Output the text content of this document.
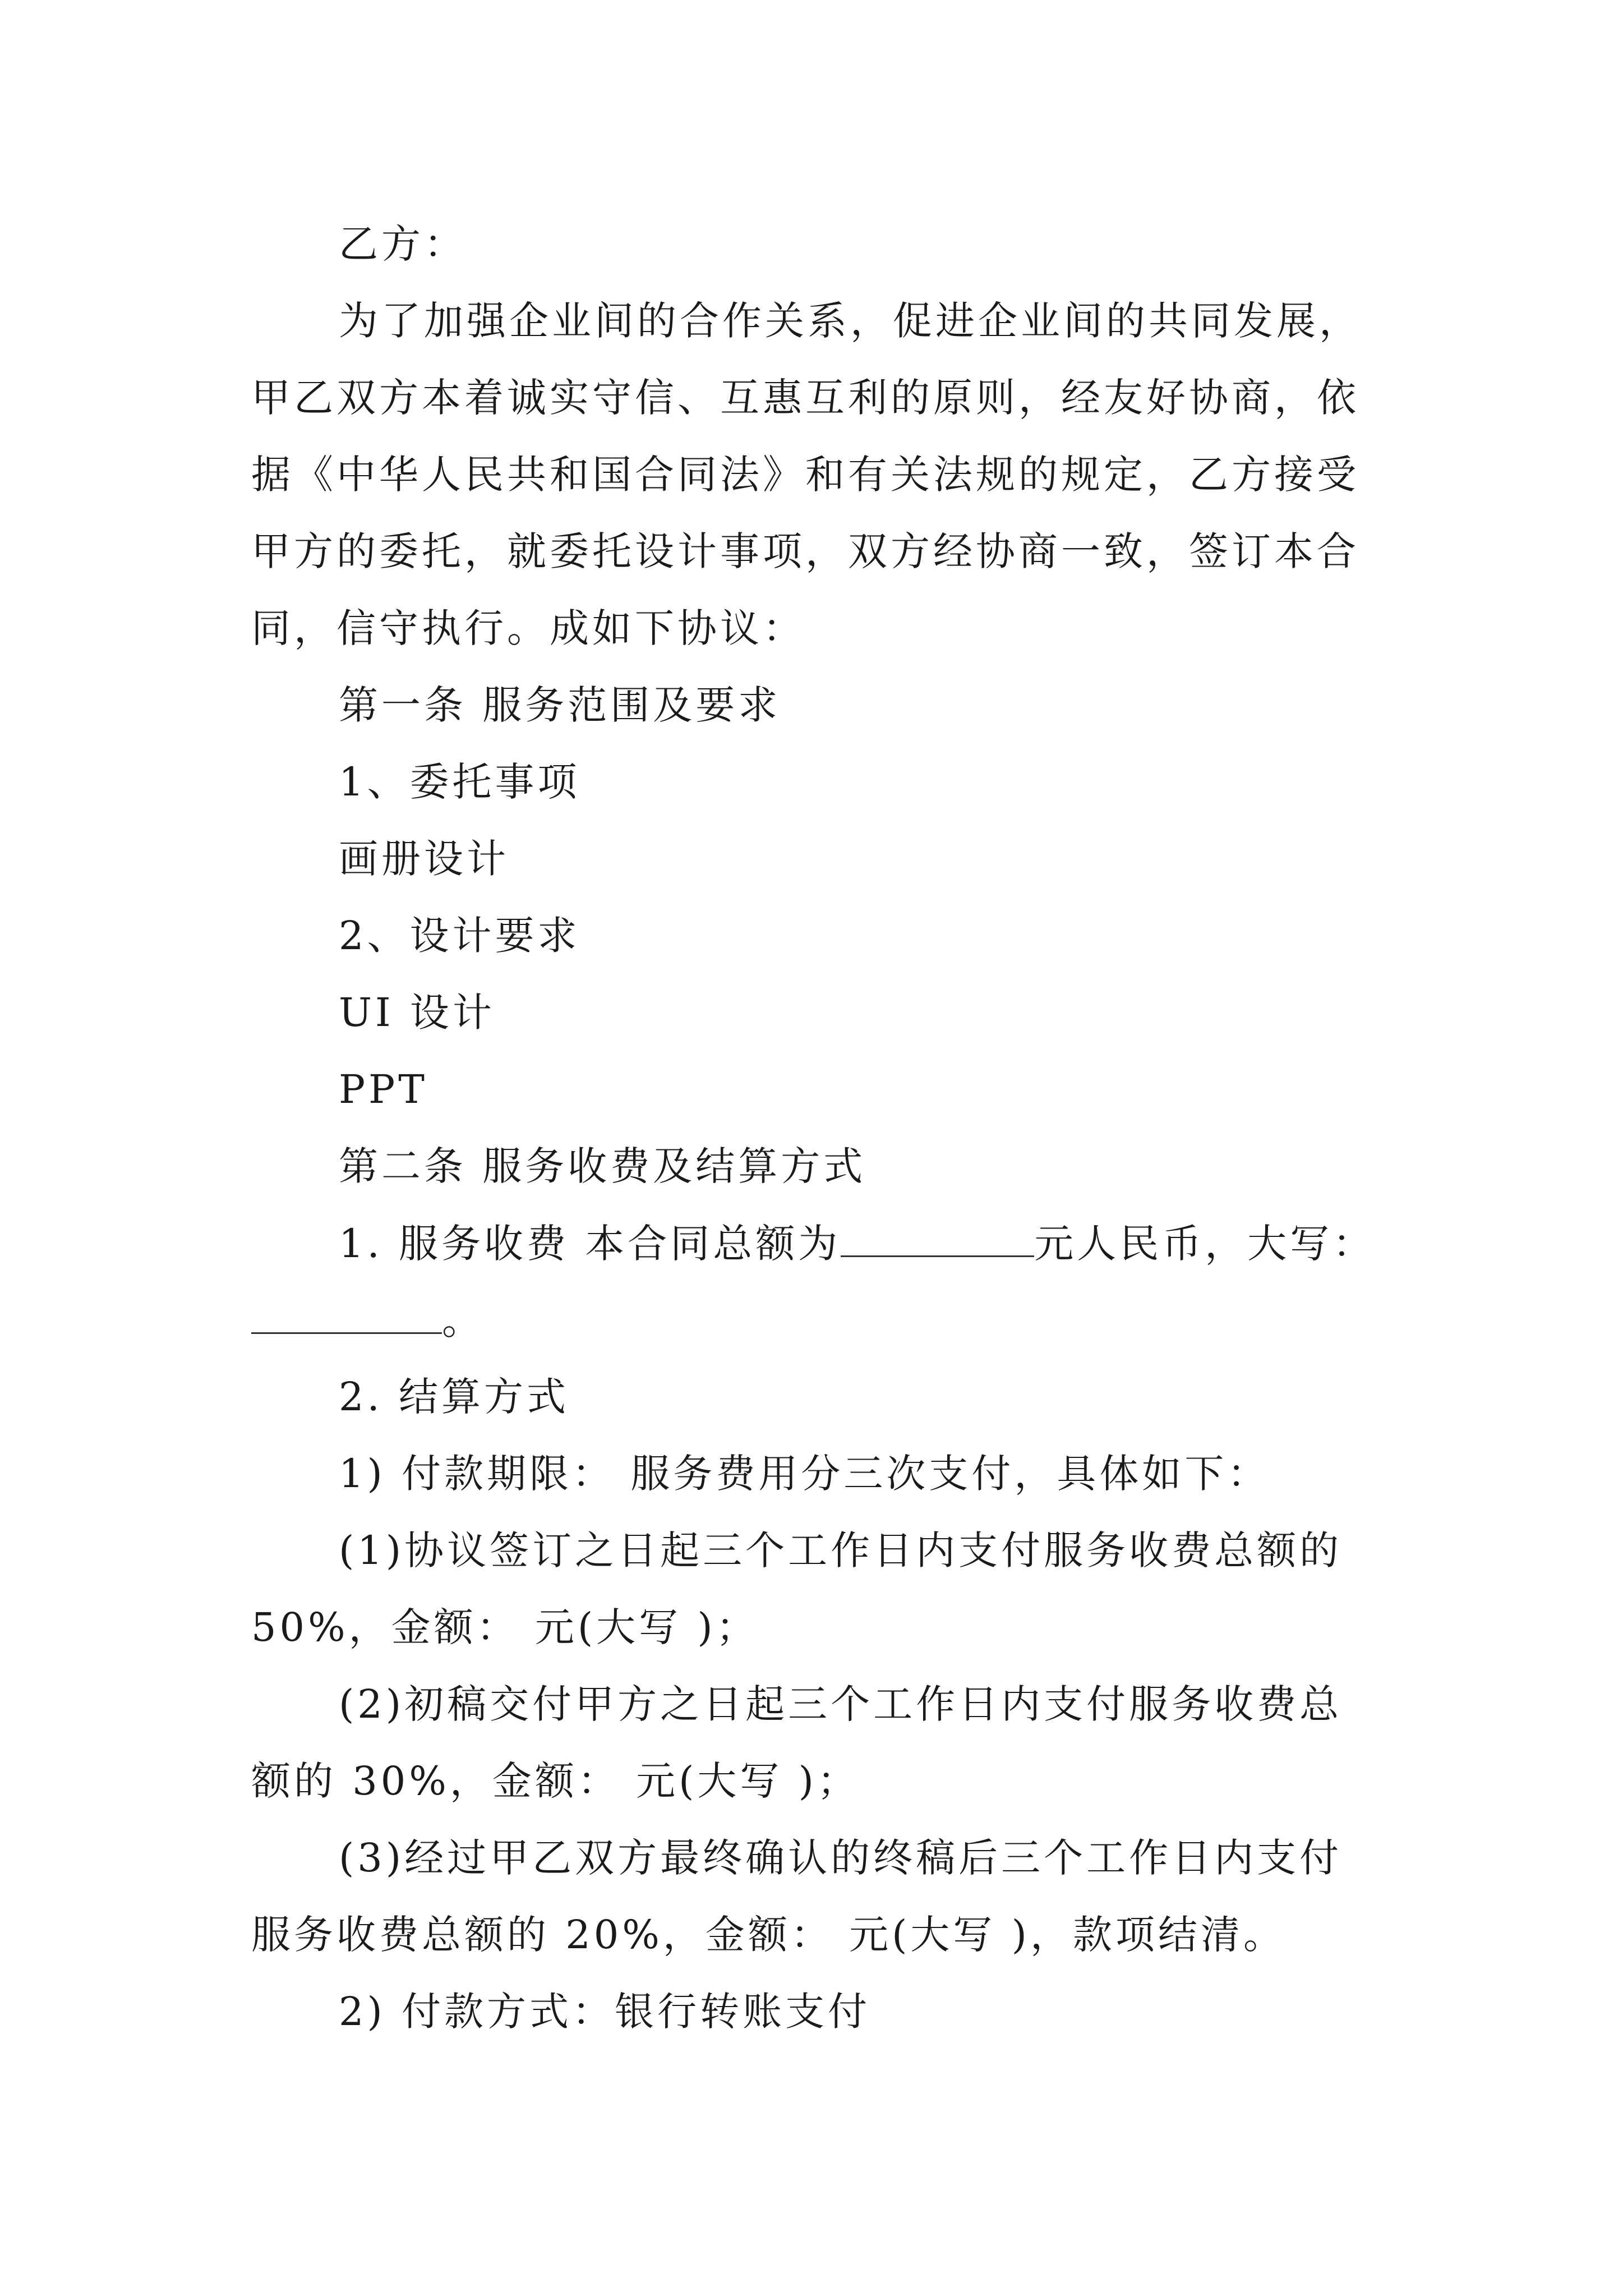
乙方：
为了加强企业间的合作关系，促进企业间的共同发展，
甲乙双方本着诚实守信、互惠互利的原则，经友好协商，依
据《中华人民共和国合同法》和有关法规的规定，乙方接受
甲方的委托，就委托设计事项，双方经协商一致，签订本合
同，信守执行。成如下协议：
第一条 服务范围及要求
1、委托事项
画册设计
2、设计要求
UI 设计
PPT
第二条 服务收费及结算方式
1. 服务收费 本合同总额为	元人民币，大写：
。
2. 结算方式
1) 付款期限： 服务费用分三次支付，具体如下：
(1)协议签订之日起三个工作日内支付服务收费总额的
50%，金额： 元(大写 )；
(2)初稿交付甲方之日起三个工作日内支付服务收费总
额的 30%，金额： 元(大写 )；
(3)经过甲乙双方最终确认的终稿后三个工作日内支付
服务收费总额的 20%，金额： 元(大写 )，款项结清。
2) 付款方式：银行转账支付
